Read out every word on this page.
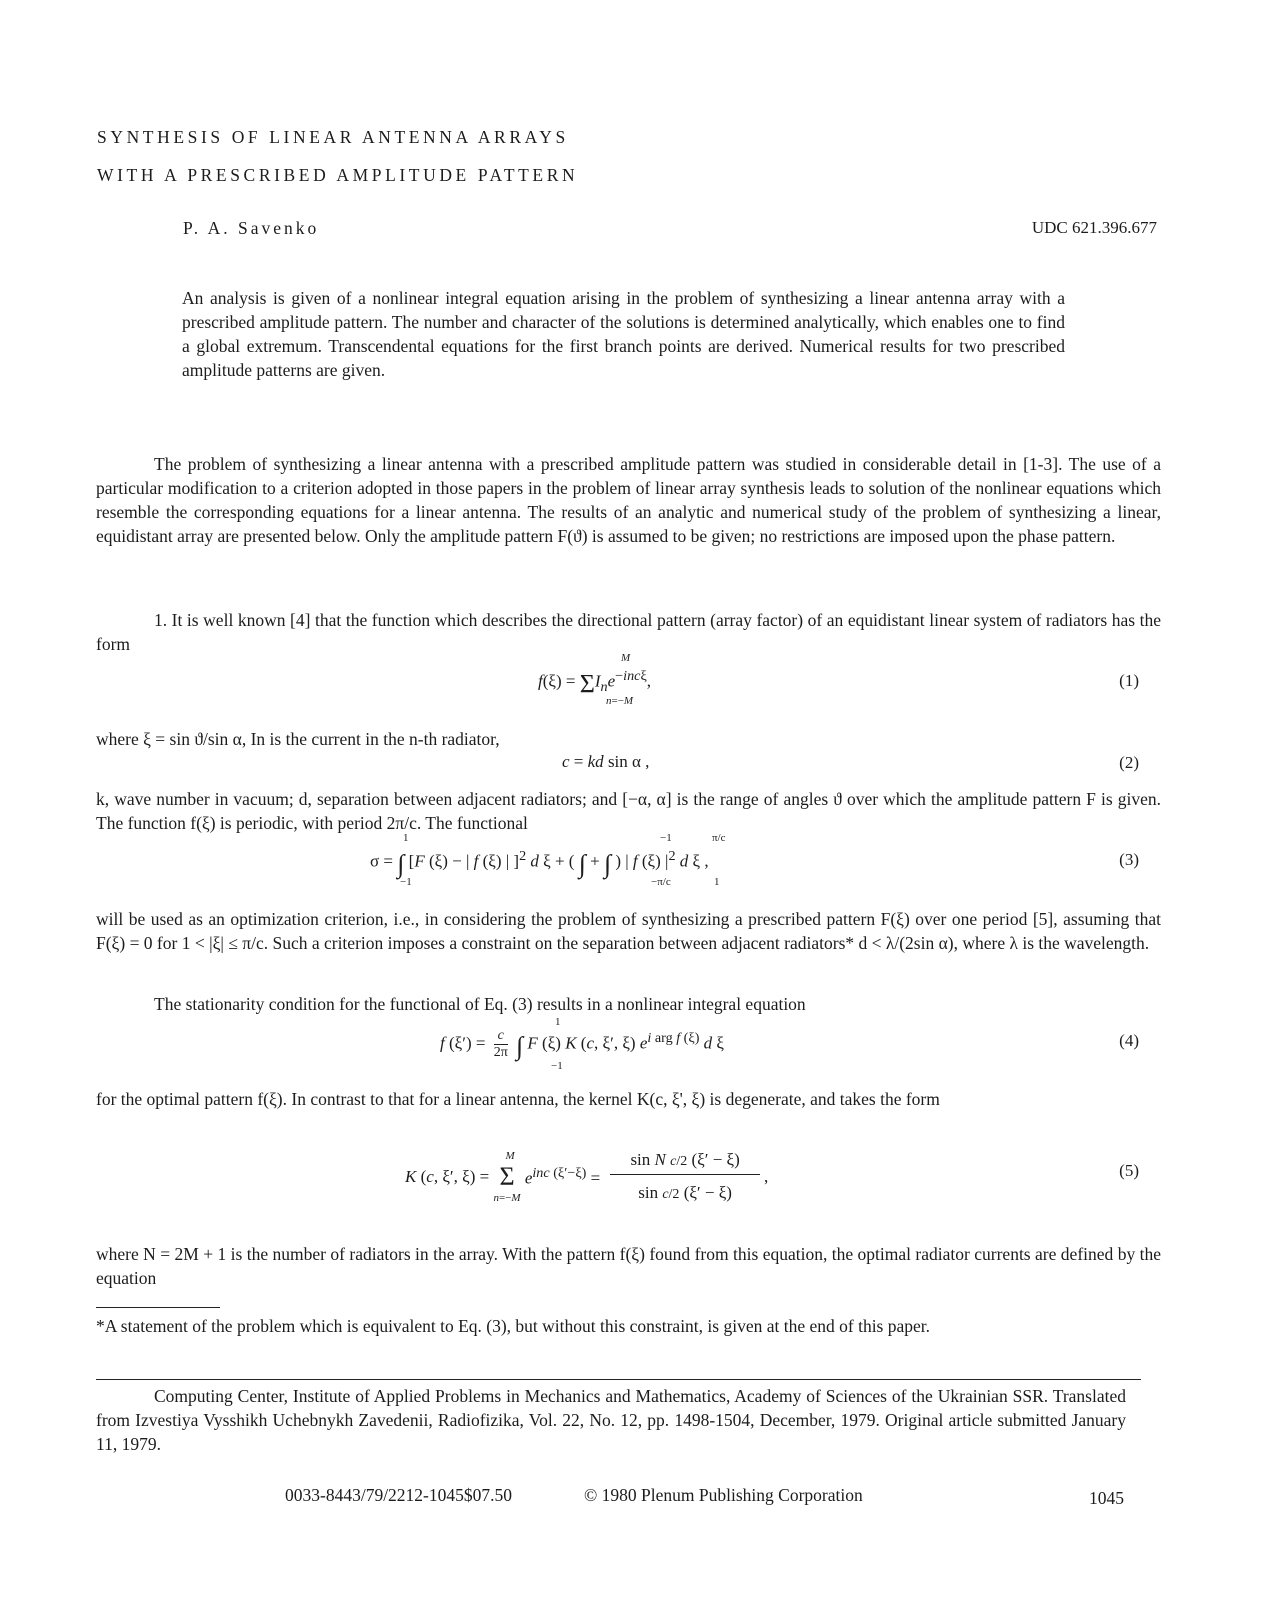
SYNTHESIS OF LINEAR ANTENNA ARRAYS
WITH A PRESCRIBED AMPLITUDE PATTERN
P. A. Savenko	UDC 621.396.677
An analysis is given of a nonlinear integral equation arising in the problem of synthesizing a linear antenna array with a prescribed amplitude pattern. The number and character of the solutions is determined analytically, which enables one to find a global extremum. Transcendental equations for the first branch points are derived. Numerical results for two prescribed amplitude patterns are given.
The problem of synthesizing a linear antenna with a prescribed amplitude pattern was studied in considerable detail in [1-3]. The use of a particular modification to a criterion adopted in those papers in the problem of linear array synthesis leads to solution of the nonlinear equations which resemble the corresponding equations for a linear antenna. The results of an analytic and numerical study of the problem of synthesizing a linear, equidistant array are presented below. Only the amplitude pattern F(ϑ) is assumed to be given; no restrictions are imposed upon the phase pattern.
1. It is well known [4] that the function which describes the directional pattern (array factor) of an equidistant linear system of radiators has the form
$f(\xi) = \Sigma I_ne^{-inc\xi}$,
M
n=−M
(1)
where ξ = sin ϑ/sin α, In is the current in the n-th radiator,
c = kd sin α ,	(2)
k, wave number in vacuum; d, separation between adjacent radiators; and [−α, α] is the range of angles ϑ over which the amplitude pattern F is given. The function f(ξ) is periodic, with period 2π/c. The functional
σ = ∫ [F (ξ) − | f (ξ) | ]$^2$ d ξ + ( ∫ + ∫ ) | f (ξ) $|^2$ d ξ ,
1
−1
−1
−π/c
π/c
1
(3)
will be used as an optimization criterion, i.e., in considering the problem of synthesizing a prescribed pattern F(ξ) over one period [5], assuming that F(ξ) = 0 for 1 < |ξ| ≤ π/c. Such a criterion imposes a constraint on the separation between adjacent radiators* d < λ/(2sin α), where λ is the wavelength.
The stationarity condition for the functional of Eq. (3) results in a nonlinear integral equation
f $(\xi') = \frac{c}{2\pi}$ ∫ F (ξ) K (c, ξ′, ξ) $e^{i arg f (\xi)}$ d ξ
1
−1
(4)
for the optimal pattern f(ξ). In contrast to that for a linear antenna, the kernel K(c, ξ', ξ) is degenerate, and takes the form
K (c, ξ′, ξ) = Σ
M
n=−M
$e^{inc (\xi'-\xi)} = \frac{\text{sin N c/2 (ξ′ − ξ)}}{\text{sin c/2 (ξ′ − ξ)}}$ ,	(5)
where N = 2M + 1 is the number of radiators in the array. With the pattern f(ξ) found from this equation, the optimal radiator currents are defined by the equation
*A statement of the problem which is equivalent to Eq. (3), but without this constraint, is given at the end of this paper.
Computing Center, Institute of Applied Problems in Mechanics and Mathematics, Academy of Sciences of the Ukrainian SSR. Translated from Izvestiya Vysshikh Uchebnykh Zavedenii, Radiofizika, Vol. 22, No. 12, pp. 1498-1504, December, 1979. Original article submitted January 11, 1979.
0033-8443/79/2212-1045$07.50	© 1980 Plenum Publishing Corporation	1045
